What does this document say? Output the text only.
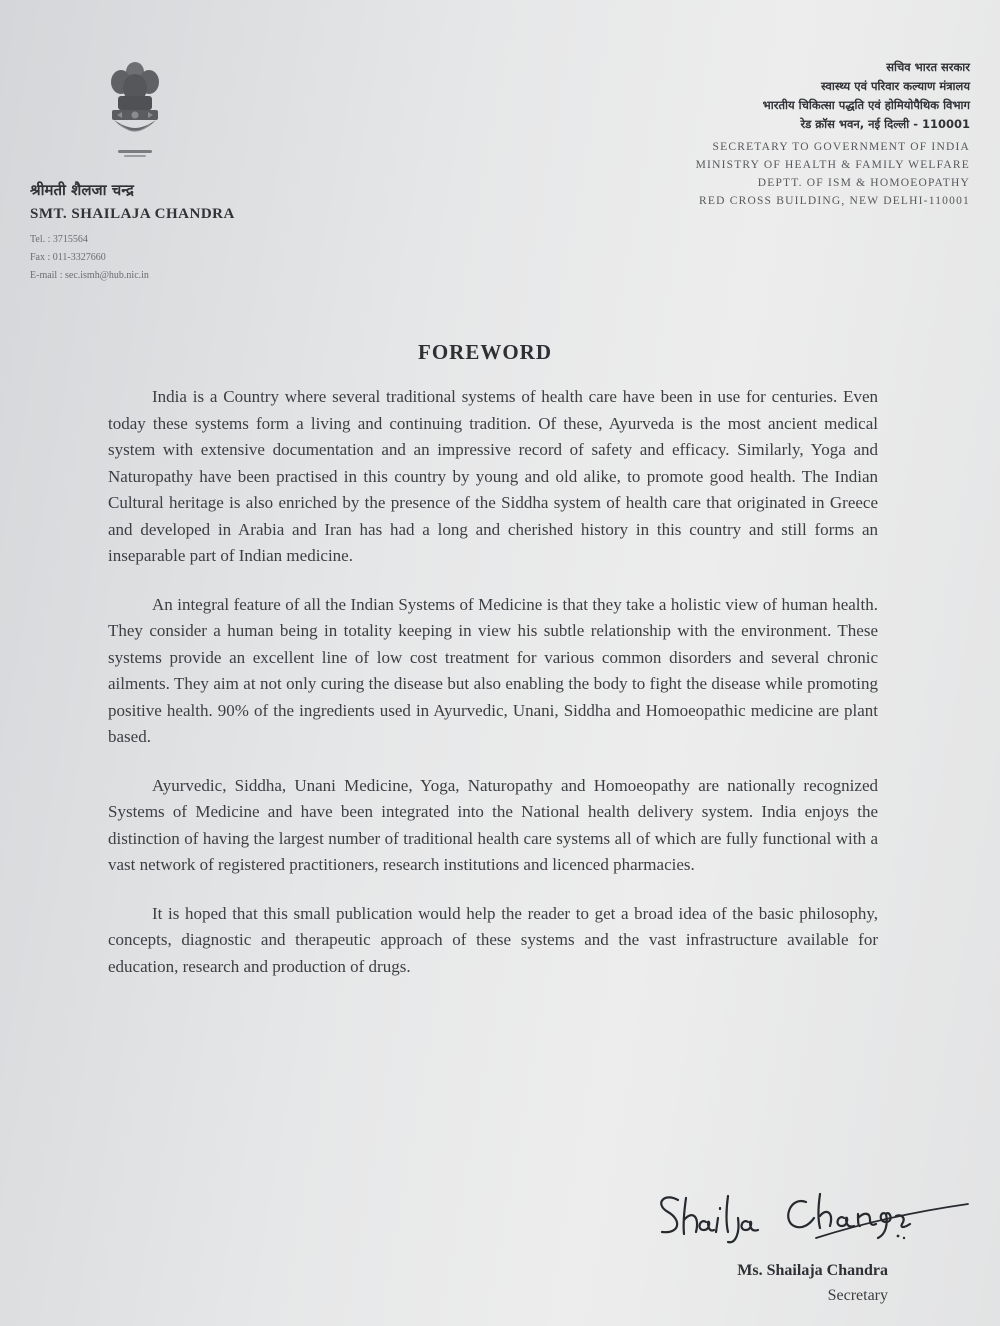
श्रीमती शैलजा चन्द्र

SMT. SHAILAJA CHANDRA

Tel. : 3715564
Fax : 011-3327660
E-mail : sec.ismh@hub.nic.in

सचिव भारत सरकार

स्वास्थ्य एवं परिवार कल्याण मंत्रालय

भारतीय चिकित्सा पद्धति एवं होमियोपैथिक विभाग

रेड क्रॉस भवन, नई दिल्ली - 110001

SECRETARY TO GOVERNMENT OF INDIA

MINISTRY OF HEALTH & FAMILY WELFARE

DEPTT. OF ISM & HOMOEOPATHY

RED CROSS BUILDING, NEW DELHI-110001

FOREWORD

India is a Country where several traditional systems of health care have been in use for centuries. Even today these systems form a living and continuing tradition. Of these, Ayurveda is the most ancient medical system with extensive documentation and an impressive record of safety and efficacy. Similarly, Yoga and Naturopathy have been practised in this country by young and old alike, to promote good health. The Indian Cultural heritage is also enriched by the presence of the Siddha system of health care that originated in Greece and developed in Arabia and Iran has had a long and cherished history in this country and still forms an inseparable part of Indian medicine.

An integral feature of all the Indian Systems of Medicine is that they take a holistic view of human health. They consider a human being in totality keeping in view his subtle relationship with the environment. These systems provide an excellent line of low cost treatment for various common disorders and several chronic ailments. They aim at not only curing the disease but also enabling the body to fight the disease while promoting positive health. 90% of the ingredients used in Ayurvedic, Unani, Siddha and Homoeopathic medicine are plant based.

Ayurvedic, Siddha, Unani Medicine, Yoga, Naturopathy and Homoeopathy are nationally recognized Systems of Medicine and have been integrated into the National health delivery system. India enjoys the distinction of having the largest number of traditional health care systems all of which are fully functional with a vast network of registered practitioners, research institutions and licenced pharmacies.

It is hoped that this small publication would help the reader to get a broad idea of the basic philosophy, concepts, diagnostic and therapeutic approach of these systems and the vast infrastructure available for education, research and production of drugs.

Ms. Shailaja Chandra

Secretary
